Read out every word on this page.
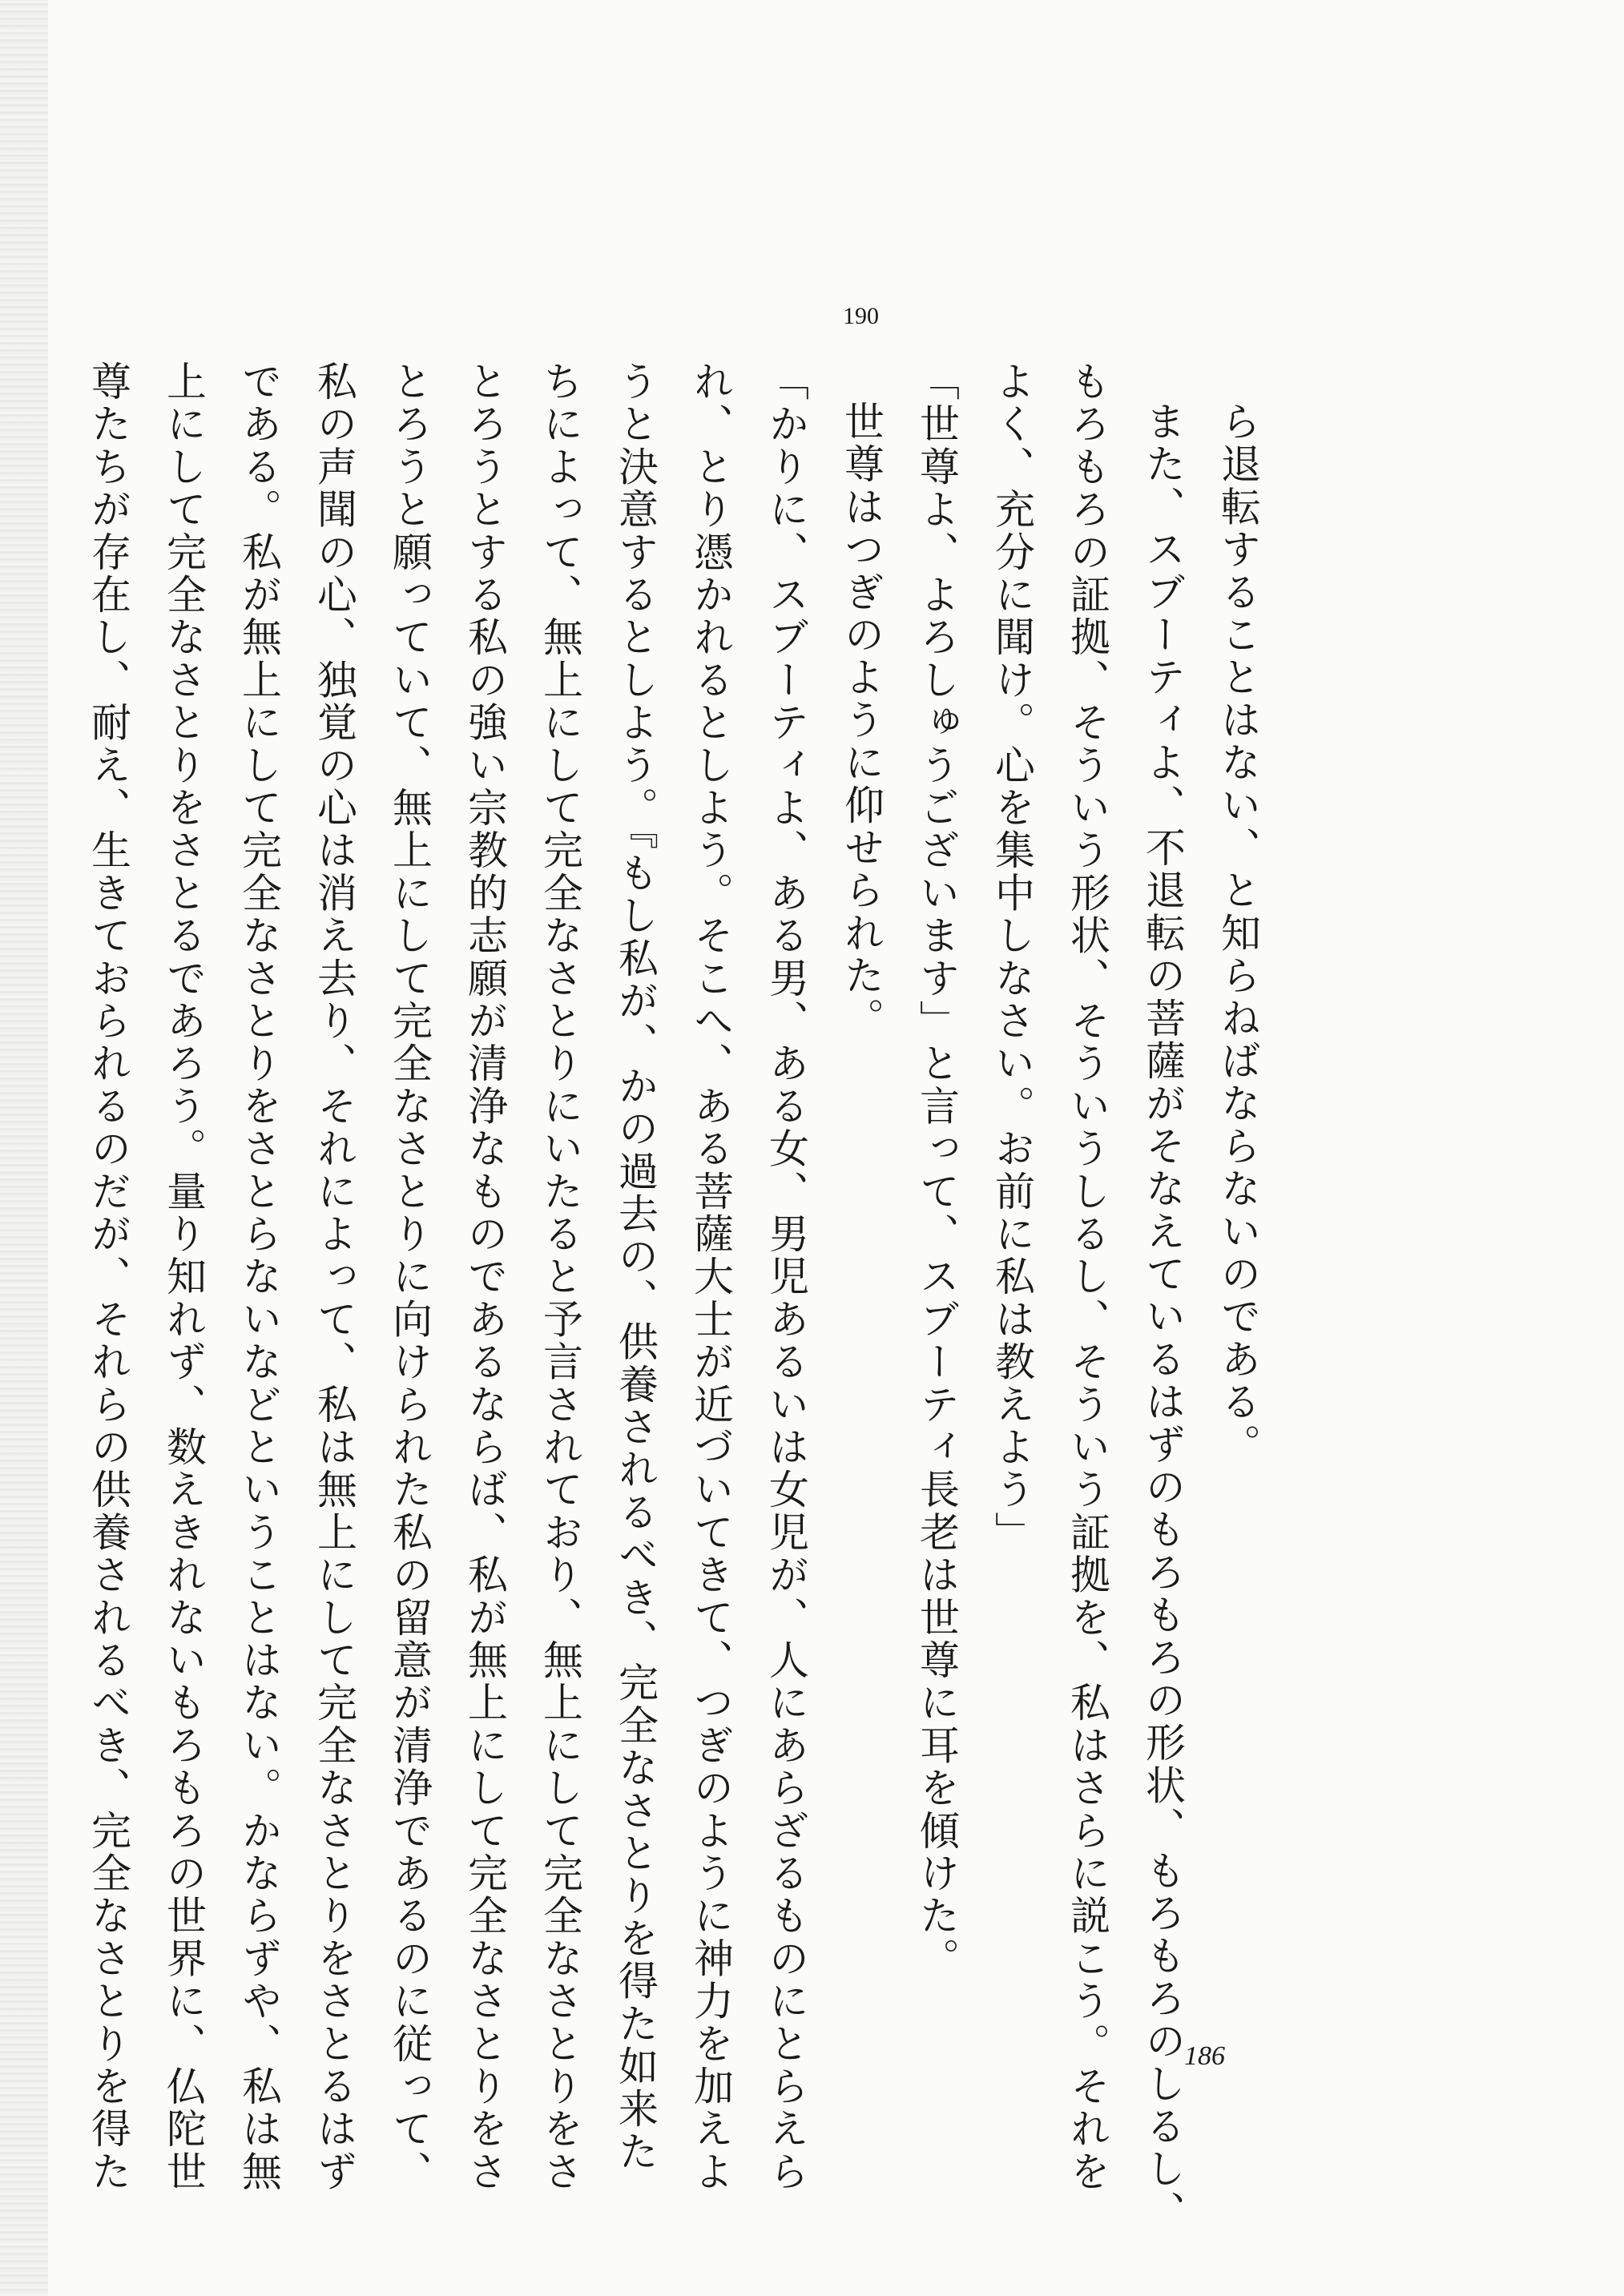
190
ら退転することはない、と知らねばならないのである。
また、スブーティよ、不退転の菩薩がそなえているはずのもろもろの形状、もろもろのしるし、
もろもろの証拠、そういう形状、そういうしるし、そういう証拠を、私はさらに説こう。それを
よく、充分に聞け。心を集中しなさい。お前に私は教えよう」
「世尊よ、よろしゅうございます」と言って、スブーティ長老は世尊に耳を傾けた。
世尊はつぎのように仰せられた。
「かりに、スブーティよ、ある男、ある女、男児あるいは女児が、人にあらざるものにとらえら
れ、とり憑かれるとしよう。そこへ、ある菩薩大士が近づいてきて、つぎのように神力を加えよ
うと決意するとしよう。『もし私が、かの過去の、供養されるべき、完全なさとりを得た如来た
ちによって、無上にして完全なさとりにいたると予言されており、無上にして完全なさとりをさ
とろうとする私の強い宗教的志願が清浄なものであるならば、私が無上にして完全なさとりをさ
とろうと願っていて、無上にして完全なさとりに向けられた私の留意が清浄であるのに従って、
私の声聞の心、独覚の心は消え去り、それによって、私は無上にして完全なさとりをさとるはず
である。私が無上にして完全なさとりをさとらないなどということはない。かならずや、私は無
上にして完全なさとりをさとるであろう。量り知れず、数えきれないもろもろの世界に、仏陀世
尊たちが存在し、耐え、生きておられるのだが、それらの供養されるべき、完全なさとりを得た	186
